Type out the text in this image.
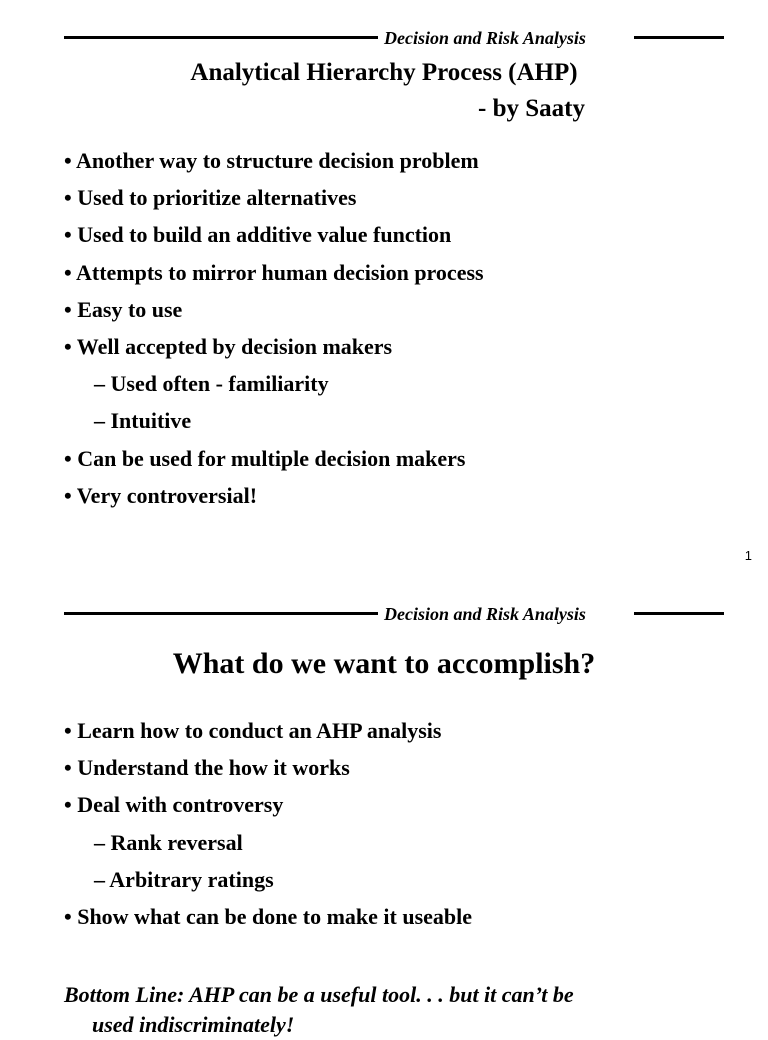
Decision and Risk Analysis
Analytical Hierarchy Process (AHP)
- by Saaty
• Another way to structure decision problem
• Used to prioritize alternatives
• Used to build an additive value function
• Attempts to mirror human decision process
• Easy to use
• Well accepted by decision makers
– Used often - familiarity
– Intuitive
• Can be used for multiple decision makers
• Very controversial!
1
Decision and Risk Analysis
What do we want to accomplish?
• Learn how to conduct an AHP analysis
• Understand the how it works
• Deal with controversy
– Rank reversal
– Arbitrary ratings
• Show what can be done to make it useable
Bottom Line: AHP can be a useful tool. . . but it can’t be
used indiscriminately!
